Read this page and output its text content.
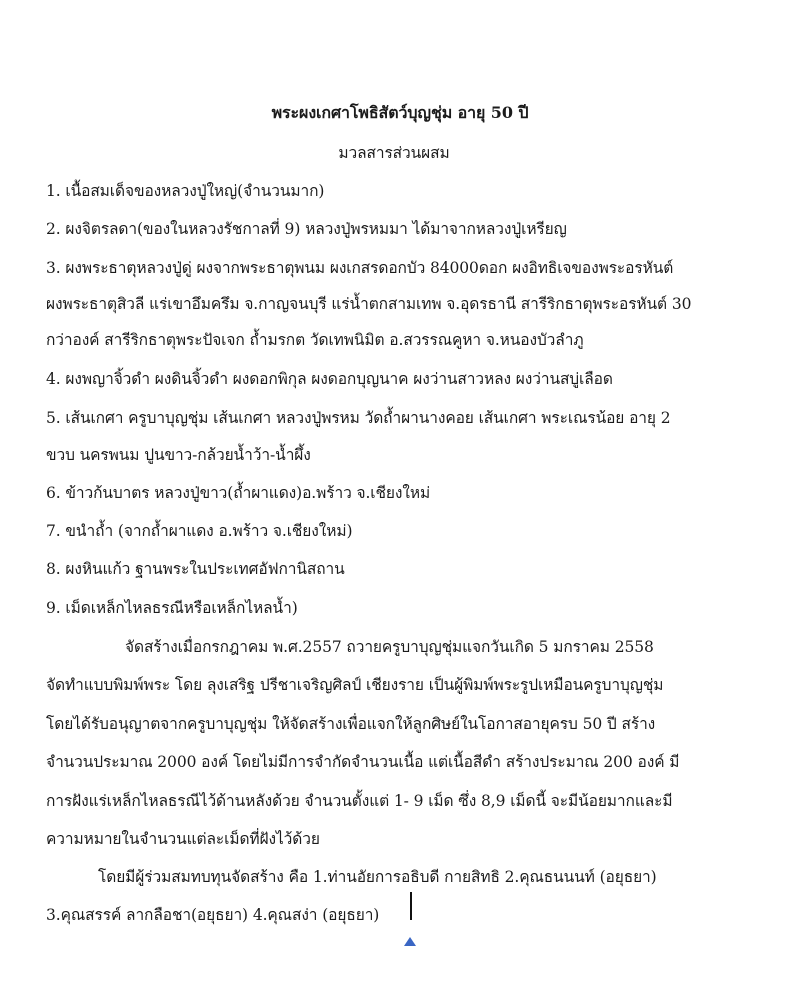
พระผงเกศาโพธิสัตว์บุญชุ่ม อายุ 50 ปี
มวลสารส่วนผสม
1. เนื้อสมเด็จของหลวงปู่ใหญ่(จำนวนมาก)
2. ผงจิตรลดา(ของในหลวงรัชกาลที่ 9) หลวงปู่พรหมมา ได้มาจากหลวงปู่เหรียญ
3. ผงพระธาตุหลวงปู่ดู่ ผงจากพระธาตุพนม ผงเกสรดอกบัว 84000ดอก ผงอิทธิเจของพระอรหันต์
ผงพระธาตุสิวลี แร่เขาอึมครึม จ.กาญจนบุรี แร่น้ำตกสามเทพ จ.อุดรธานี สารีริกธาตุพระอรหันต์ 30
กว่าองค์ สารีริกธาตุพระปัจเจก ถ้ำมรกต วัดเทพนิมิต อ.สวรรณคูหา จ.หนองบัวลำภู
4. ผงพญาจิ้วดำ ผงดินจิ้วดำ ผงดอกพิกุล ผงดอกบุญนาค ผงว่านสาวหลง ผงว่านสบู่เลือด
5. เส้นเกศา ครูบาบุญชุ่ม เส้นเกศา หลวงปู่พรหม วัดถ้ำผานางคอย เส้นเกศา พระเณรน้อย อายุ 2
ขวบ นครพนม ปูนขาว-กล้วยน้ำว้า-น้ำผึ้ง
6. ข้าวก้นบาตร หลวงปู่ขาว(ถ้ำผาแดง)อ.พร้าว จ.เชียงใหม่
7. ขนำถ้ำ (จากถ้ำผาแดง อ.พร้าว จ.เชียงใหม่)
8. ผงหินแก้ว ฐานพระในประเทศอัฟกานิสถาน
9. เม็ดเหล็กไหลธรณีหรือเหล็กไหลน้ำ)
จัดสร้างเมื่อกรกฎาคม พ.ศ.2557 ถวายครูบาบุญชุ่มแจกวันเกิด 5 มกราคม 2558
จัดทำแบบพิมพ์พระ โดย ลุงเสริฐ ปรีชาเจริญศิลป์ เชียงราย เป็นผู้พิมพ์พระรูปเหมือนครูบาบุญชุ่ม
โดยได้รับอนุญาตจากครูบาบุญชุ่ม ให้จัดสร้างเพื่อแจกให้ลูกศิษย์ในโอกาสอายุครบ 50 ปี สร้าง
จำนวนประมาณ 2000 องค์ โดยไม่มีการจำกัดจำนวนเนื้อ แต่เนื้อสีดำ สร้างประมาณ 200 องค์ มี
การฝังแร่เหล็กไหลธรณีไว้ด้านหลังด้วย จำนวนตั้งแต่ 1- 9 เม็ด ซึ่ง 8,9 เม็ดนี้ จะมีน้อยมากและมี
ความหมายในจำนวนแต่ละเม็ดที่ฝังไว้ด้วย
โดยมีผู้ร่วมสมทบทุนจัดสร้าง คือ 1.ท่านอัยการอธิบดี กายสิทธิ 2.คุณธนนนท์ (อยุธยา)
3.คุณสรรค์ ลากลือชา(อยุธยา) 4.คุณสง่า (อยุธยา)
